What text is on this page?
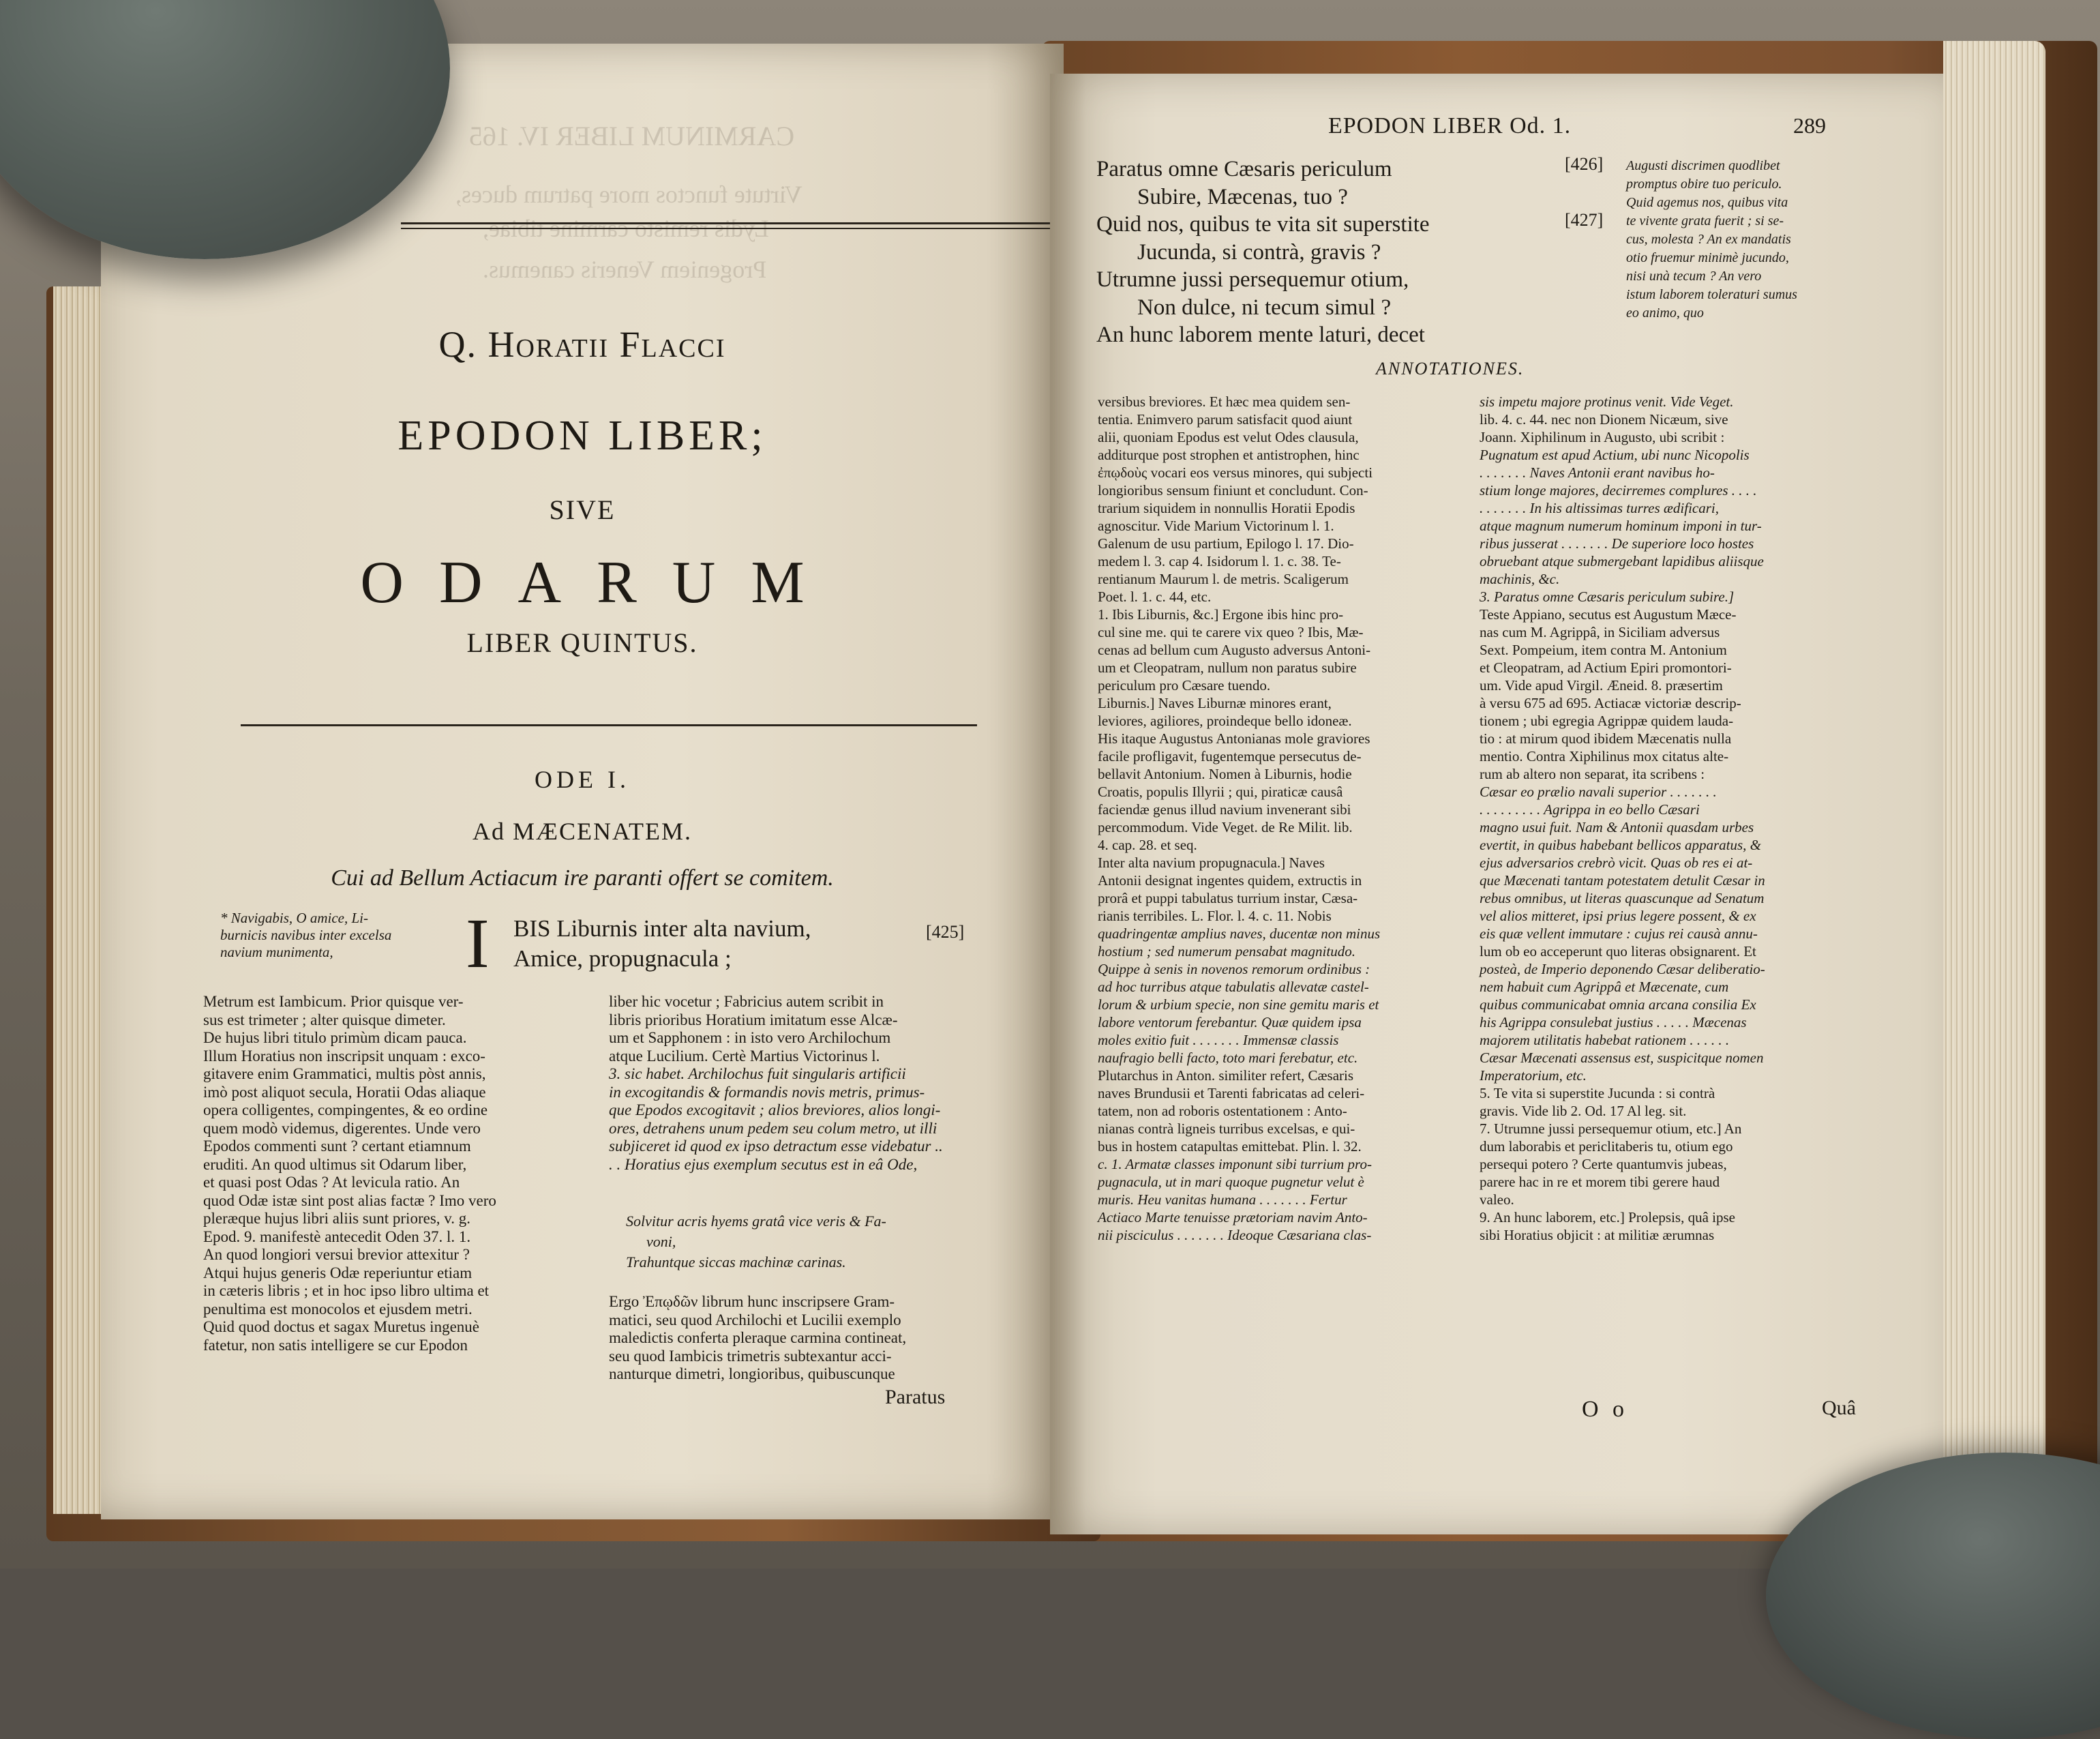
CARMINUM LIBER IV. 165
Virtute functos more patrum duces,
Lydis remisto carmine tibiae,
Progeniem Veneris canemus.
Q. Horatii Flacci
EPODON LIBER;
SIVE
ODARUM
LIBER QUINTUS.
ODE I.
Ad MÆCENATEM.
Cui ad Bellum Actiacum ire paranti offert se comitem.
* Navigabis, O amice, Li-
burnicis navibus inter excelsa
navium munimenta,	I BIS Liburnis inter alta navium,
Amice, propugnacula ;
[425]
Metrum est Iambicum. Prior quisque ver-
sus est trimeter ; alter quisque dimeter.
De hujus libri titulo primùm dicam pauca.
Illum Horatius non inscripsit unquam : exco-
gitavere enim Grammatici, multis pòst annis,
imò post aliquot secula, Horatii Odas aliaque
opera colligentes, compingentes, & eo ordine
quem modò videmus, digerentes. Unde vero
Epodos commenti sunt ? certant etiamnum
eruditi. An quod ultimus sit Odarum liber,
et quasi post Odas ? At levicula ratio. An
quod Odæ istæ sint post alias factæ ? Imo vero
pleræque hujus libri aliis sunt priores, v. g.
Epod. 9. manifestè antecedit Oden 37. l. 1.
An quod longiori versui brevior attexitur ?
Atqui hujus generis Odæ reperiuntur etiam
in cæteris libris ; et in hoc ipso libro ultima et
penultima est monocolos et ejusdem metri.
Quid quod doctus et sagax Muretus ingenuè
fatetur, non satis intelligere se cur Epodon
liber hic vocetur ; Fabricius autem scribit in
libris prioribus Horatium imitatum esse Alcæ-
um et Sapphonem : in isto vero Archilochum
atque Lucilium. Certè Martius Victorinus l.
3. sic habet. Archilochus fuit singularis artificii
in excogitandis & formandis novis metris, primus-
que Epodos excogitavit ; alios breviores, alios longi-
ores, detrahens unum pedem seu colum metro, ut illi
subjiceret id quod ex ipso detractum esse videbatur ..
. . Horatius ejus exemplum secutus est in eâ Ode,
Solvitur acris hyems gratâ vice veris & Fa-
voni,
Trahuntque siccas machinæ carinas.
Ergo Ἐπῳδῶν librum hunc inscripsere Gram-
matici, seu quod Archilochi et Lucilii exemplo
maledictis conferta pleraque carmina contineat,
seu quod Iambicis trimetris subtexantur acci-
nanturque dimetri, longioribus, quibuscunque
Paratus
EPODON LIBER Od. 1.	289
Paratus omne Cæsaris periculum
Subire, Mæcenas, tuo ?
Quid nos, quibus te vita sit superstite
Jucunda, si contrà, gravis ?
Utrumne jussi persequemur otium,
Non dulce, ni tecum simul ?
An hunc laborem mente laturi, decet
[426]
[427]
Augusti discrimen quodlibet
promptus obire tuo periculo.
Quid agemus nos, quibus vita
te vivente grata fuerit ; si se-
cus, molesta ? An ex mandatis
otio fruemur minimè jucundo,
nisi unà tecum ? An vero
istum laborem toleraturi sumus
eo animo, quo
ANNOTATIONES.
versibus breviores. Et hæc mea quidem sen-
tentia. Enimvero parum satisfacit quod aiunt
alii, quoniam Epodus est velut Odes clausula,
additurque post strophen et antistrophen, hinc
ἐπῳδοὺς vocari eos versus minores, qui subjecti
longioribus sensum finiunt et concludunt. Con-
trarium siquidem in nonnullis Horatii Epodis
agnoscitur. Vide Marium Victorinum l. 1.
Galenum de usu partium, Epilogo l. 17. Dio-
medem l. 3. cap 4. Isidorum l. 1. c. 38. Te-
rentianum Maurum l. de metris. Scaligerum
Poet. l. 1. c. 44, etc.
1. Ibis Liburnis, &c.] Ergone ibis hinc pro-
cul sine me. qui te carere vix queo ? Ibis, Mæ-
cenas ad bellum cum Augusto adversus Antoni-
um et Cleopatram, nullum non paratus subire
periculum pro Cæsare tuendo.
Liburnis.] Naves Liburnæ minores erant,
leviores, agiliores, proindeque bello idoneæ.
His itaque Augustus Antonianas mole graviores
facile profligavit, fugentemque persecutus de-
bellavit Antonium. Nomen à Liburnis, hodie
Croatis, populis Illyrii ; qui, piraticæ causâ
faciendæ genus illud navium invenerant sibi
percommodum. Vide Veget. de Re Milit. lib.
4. cap. 28. et seq.
Inter alta navium propugnacula.] Naves
Antonii designat ingentes quidem, extructis in
prorâ et puppi tabulatus turrium instar, Cæsa-
rianis terribiles. L. Flor. l. 4. c. 11. Nobis
quadringentæ amplius naves, ducentæ non minus
hostium ; sed numerum pensabat magnitudo.
Quippe à senis in novenos remorum ordinibus :
ad hoc turribus atque tabulatis allevatæ castel-
lorum & urbium specie, non sine gemitu maris et
labore ventorum ferebantur. Quæ quidem ipsa
moles exitio fuit . . . . . . . Immensæ classis
naufragio belli facto, toto mari ferebatur, etc.
Plutarchus in Anton. similiter refert, Cæsaris
naves Brundusii et Tarenti fabricatas ad celeri-
tatem, non ad roboris ostentationem : Anto-
nianas contrà ligneis turribus excelsas, e qui-
bus in hostem catapultas emittebat. Plin. l. 32.
c. 1. Armatæ classes imponunt sibi turrium pro-
pugnacula, ut in mari quoque pugnetur velut è
muris. Heu vanitas humana . . . . . . . Fertur
Actiaco Marte tenuisse prætoriam navim Anto-
nii pisciculus . . . . . . . Ideoque Cæsariana clas-
sis impetu majore protinus venit. Vide Veget.
lib. 4. c. 44. nec non Dionem Nicæum, sive
Joann. Xiphilinum in Augusto, ubi scribit :
Pugnatum est apud Actium, ubi nunc Nicopolis
. . . . . . . Naves Antonii erant navibus ho-
stium longe majores, decirremes complures . . . .
. . . . . . . In his altissimas turres ædificari,
atque magnum numerum hominum imponi in tur-
ribus jusserat . . . . . . . De superiore loco hostes
obruebant atque submergebant lapidibus aliisque
machinis, &c.
3. Paratus omne Cæsaris periculum subire.]
Teste Appiano, secutus est Augustum Mæce-
nas cum M. Agrippâ, in Siciliam adversus
Sext. Pompeium, item contra M. Antonium
et Cleopatram, ad Actium Epiri promontori-
um. Vide apud Virgil. Æneid. 8. præsertim
à versu 675 ad 695. Actiacæ victoriæ descrip-
tionem ; ubi egregia Agrippæ quidem lauda-
tio : at mirum quod ibidem Mæcenatis nulla
mentio. Contra Xiphilinus mox citatus alte-
rum ab altero non separat, ita scribens :
Cæsar eo prælio navali superior . . . . . . .
. . . . . . . . . Agrippa in eo bello Cæsari
magno usui fuit. Nam & Antonii quasdam urbes
evertit, in quibus habebant bellicos apparatus, &
ejus adversarios crebrò vicit. Quas ob res ei at-
que Mæcenati tantam potestatem detulit Cæsar in
rebus omnibus, ut literas quascunque ad Senatum
vel alios mitteret, ipsi prius legere possent, & ex
eis quæ vellent immutare : cujus rei causà annu-
lum ob eo acceperunt quo literas obsignarent. Et
posteà, de Imperio deponendo Cæsar deliberatio-
nem habuit cum Agrippâ et Mæcenate, cum
quibus communicabat omnia arcana consilia Ex
his Agrippa consulebat justius . . . . . Mæcenas
majorem utilitatis habebat rationem . . . . . .
Cæsar Mæcenati assensus est, suspicitque nomen
Imperatorium, etc.
5. Te vita si superstite Jucunda : si contrà
gravis. Vide lib 2. Od. 17 Al leg. sit.
7. Utrumne jussi persequemur otium, etc.] An
dum laborabis et periclitaberis tu, otium ego
persequi potero ? Certe quantumvis jubeas,
parere hac in re et morem tibi gerere haud
valeo.
9. An hunc laborem, etc.] Prolepsis, quâ ipse
sibi Horatius objicit : at militiæ ærumnas
O o	Quâ
